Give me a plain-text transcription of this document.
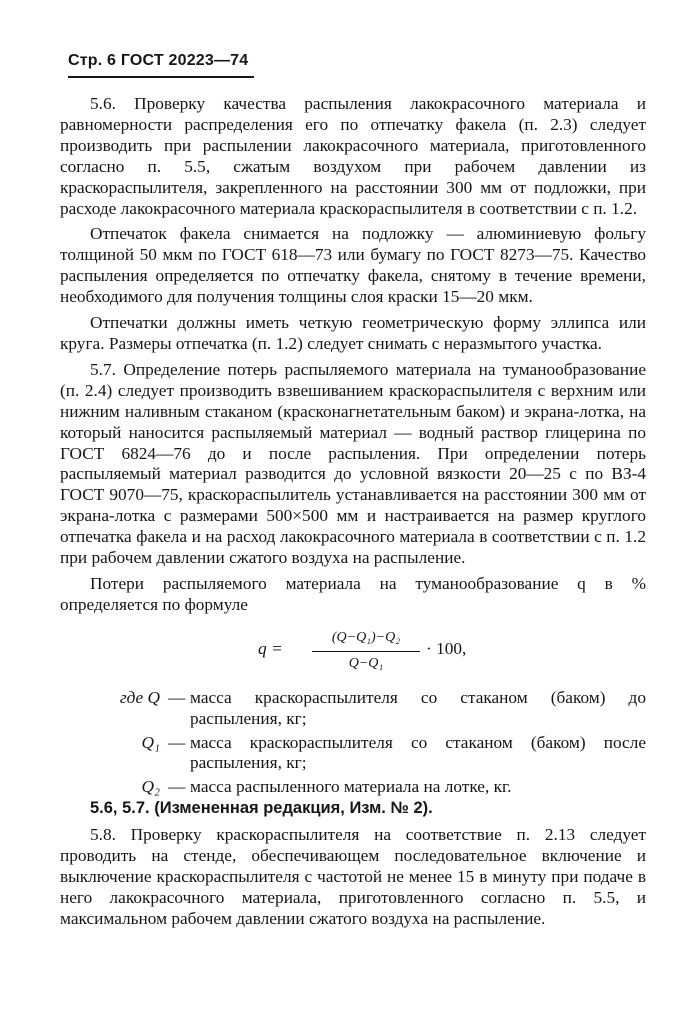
Стр. 6 ГОСТ 20223—74

5.6. Проверку качества распыления лакокрасочного материала и равномерности распределения его по отпечатку факела (п. 2.3) следует производить при распылении лакокрасочного материала, приготовленного согласно п. 5.5, сжатым воздухом при рабочем давлении из краскораспылителя, закрепленного на расстоянии 300 мм от подложки, при расходе лакокрасочного материала краскораспылителя в соответствии с п. 1.2.

Отпечаток факела снимается на подложку — алюминиевую фольгу толщиной 50 мкм по ГОСТ 618—73 или бумагу по ГОСТ 8273—75. Качество распыления определяется по отпечатку факела, снятому в течение времени, необходимого для получения толщины слоя краски 15—20 мкм.

Отпечатки должны иметь четкую геометрическую форму эллипса или круга. Размеры отпечатка (п. 1.2) следует снимать с неразмытого участка.

5.7. Определение потерь распыляемого материала на туманообразование (п. 2.4) следует производить взвешиванием краскораспылителя с верхним или нижним наливным стаканом (красконагнетательным баком) и экрана-лотка, на который наносится распыляемый материал — водный раствор глицерина по ГОСТ 6824—76 до и после распыления. При определении потерь распыляемый материал разводится до условной вязкости 20—25 с по ВЗ-4 ГОСТ 9070—75, краскораспылитель устанавливается на расстоянии 300 мм от экрана-лотка с размерами 500×500 мм и настраивается на размер круглого отпечатка факела и на расход лакокрасочного материала в соответствии с п. 1.2 при рабочем давлении сжатого воздуха на распыление.

Потери распыляемого материала на туманообразование q в % определяется по формуле

$q = \frac{\text{(Q−Q₁)−Q₂}}{\text{Q−Q₁}} \cdot 100$,
где Q — масса краскораспылителя со стаканом (баком) до распыления, кг;
Q₁ — масса краскораспылителя со стаканом (баком) после распыления, кг;
Q₂ — масса распыленного материала на лотке, кг.

5.6, 5.7. (Измененная редакция, Изм. № 2).

5.8. Проверку краскораспылителя на соответствие п. 2.13 следует проводить на стенде, обеспечивающем последовательное включение и выключение краскораспылителя с частотой не менее 15 в минуту при подаче в него лакокрасочного материала, приготовленного согласно п. 5.5, и максимальном рабочем давлении сжатого воздуха на распыление.
